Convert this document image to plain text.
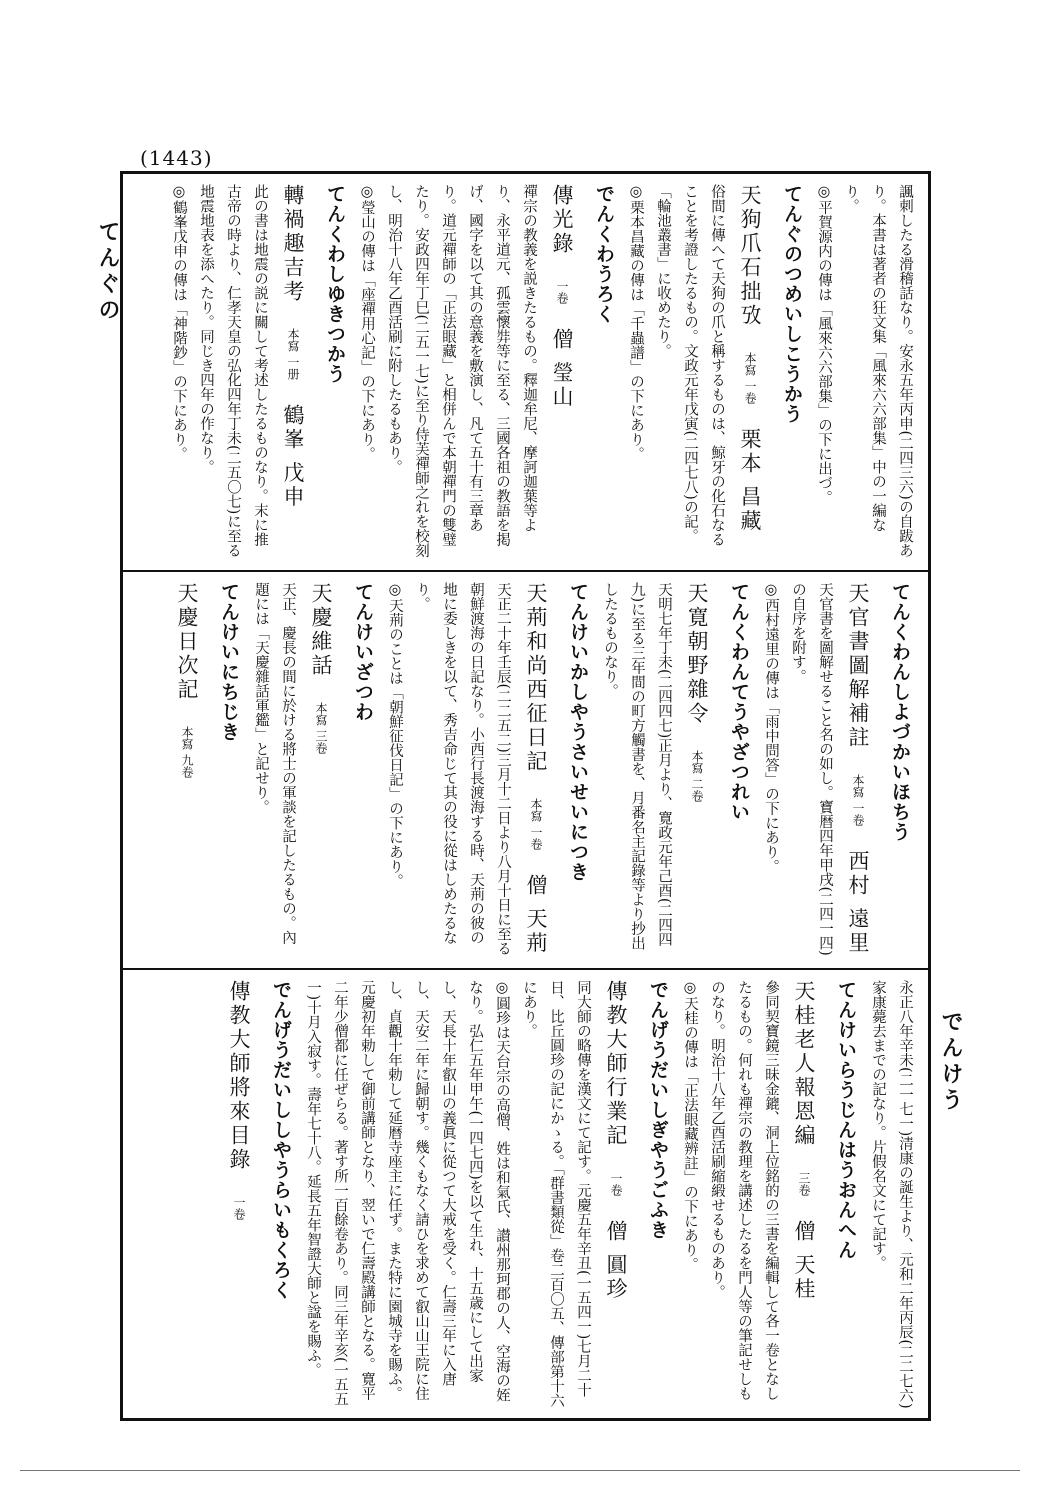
(1443)
てんぐの
でんけう
諷刺したる滑稽話なり。安永五年丙申(二四三六)の自跋あり。本書は著者の狂文集「風來六六部集」中の一編なり。
◎平賀源内の傳は「風來六六部集」の下に出づ。
てんぐのつめいしこうかう
天狗爪石拙攷　本寫 一卷　栗本 昌藏
俗間に傳へて天狗の爪と稱するものは、鯨牙の化石なることを考證したるもの。文政元年戊寅(二四七八)の記。「輪池叢書」に收めたり。
◎栗本昌藏の傳は「千蟲譜」の下にあり。
でんくわうろく
傳光錄　一卷　僧 瑩山
禪宗の教義を説きたるもの。釋迦牟尼、摩訶迦葉等より、永平道元、孤雲懷弉等に至る、三國各祖の教語を掲げ、國字を以て其の意義を敷演し、凡て五十有三章あり。道元禪師の「正法眼藏」と相併んで本朝禪門の雙璧たり。安政四年丁巳(二五一七)に至り侍芙禪師之れを校刻し、明治十八年乙酉活刷に附したるもあり。
◎瑩山の傳は「座禪用心記」の下にあり。
てんくわしゆきつかう
轉禍趣吉考　本寫 一册　鶴峯 戊申
此の書は地震の説に關して考述したるものなり。末に推古帝の時より、仁孝天皇の弘化四年丁未(二五〇七)に至る地震地表を添へたり。同じき四年の作なり。
◎鶴峯戊申の傳は「神階鈔」の下にあり。
てんくわんしよづかいほちう
天官書圖解補註　本寫 一卷　西村 遠里
天官書を圖解せること名の如し。寶暦四年甲戌(二四一四)の自序を附す。
◎西村遠里の傳は「雨中問答」の下にあり。
てんくわんてうやざつれい
天寛朝野雜令　本寫 二卷
天明七年丁未(二四四七)正月より、寛政元年己酉(二四四九)に至る三年間の町方觸書を、月番名主記錄等より抄出したるものなり。
てんけいかしやうさいせいにつき
天荊和尚西征日記　本寫 一卷　僧 天荊
天正二十年壬辰(二二五二)三月十二日より八月十日に至る朝鮮渡海の日記なり。小西行長渡海する時、天荊の彼の地に委しきを以て、秀吉命じて其の役に從はしめたるなり。
◎天荊のことは「朝鮮征伐日記」の下にあり。
てんけいざつわ
天慶維話　本寫 三卷
天正、慶長の間に於ける將士の軍談を記したるもの。內題には「天慶雜話軍鑑」と記せり。
てんけいにちじき
天慶日次記　本寫 九卷
永正八年辛未(二一七一)清康の誕生より、元和二年丙辰(二二七六)家康薨去までの記なり。片假名文にて記す。
てんけいらうじんはうおんへん
天桂老人報恩編　三卷　僧 天桂
參同契寶鏡三昧金鎞、洞上位銘的の三書を編輯して各一卷となしたるもの。何れも禪宗の教理を講述したるを門人等の筆記せしものなり。明治十八年乙酉活刷縮緞せるものあり。
◎天桂の傳は「正法眼藏辨註」の下にあり。
でんげうだいしぎやうごふき
傳教大師行業記　一卷　僧 圓珍
同大師の略傳を漢文にて記す。元慶五年辛丑(一五四一)七月二十日、比丘圓珍の記にかゝる。「群書類從」卷二百〇五、傳部第十六にあり。
◎圓珍は天台宗の高僧、姓は和氣氏、讃州那珂郡の人、空海の姪なり。弘仁五年甲午(一四七四)を以て生れ、十五歳にして出家し、天長十年叡山の義眞に從つて大戒を受く。仁壽三年に入唐し、天安二年に歸朝す。幾くもなく請ひを求めて叡山山王院に住し、貞觀十年勅して延暦寺座主に任ず。また特に園城寺を賜ふ。元慶初年勅して御前講師となり、翌いで仁壽殿講師となる。寛平二年少僧都に任ぜらる。著す所一百餘卷あり。同三年辛亥(一五五一)十月入寂す。壽年七十八。延長五年智證大師と諡を賜ふ。
でんげうだいししやうらいもくろく
傳教大師將來目錄　一卷
